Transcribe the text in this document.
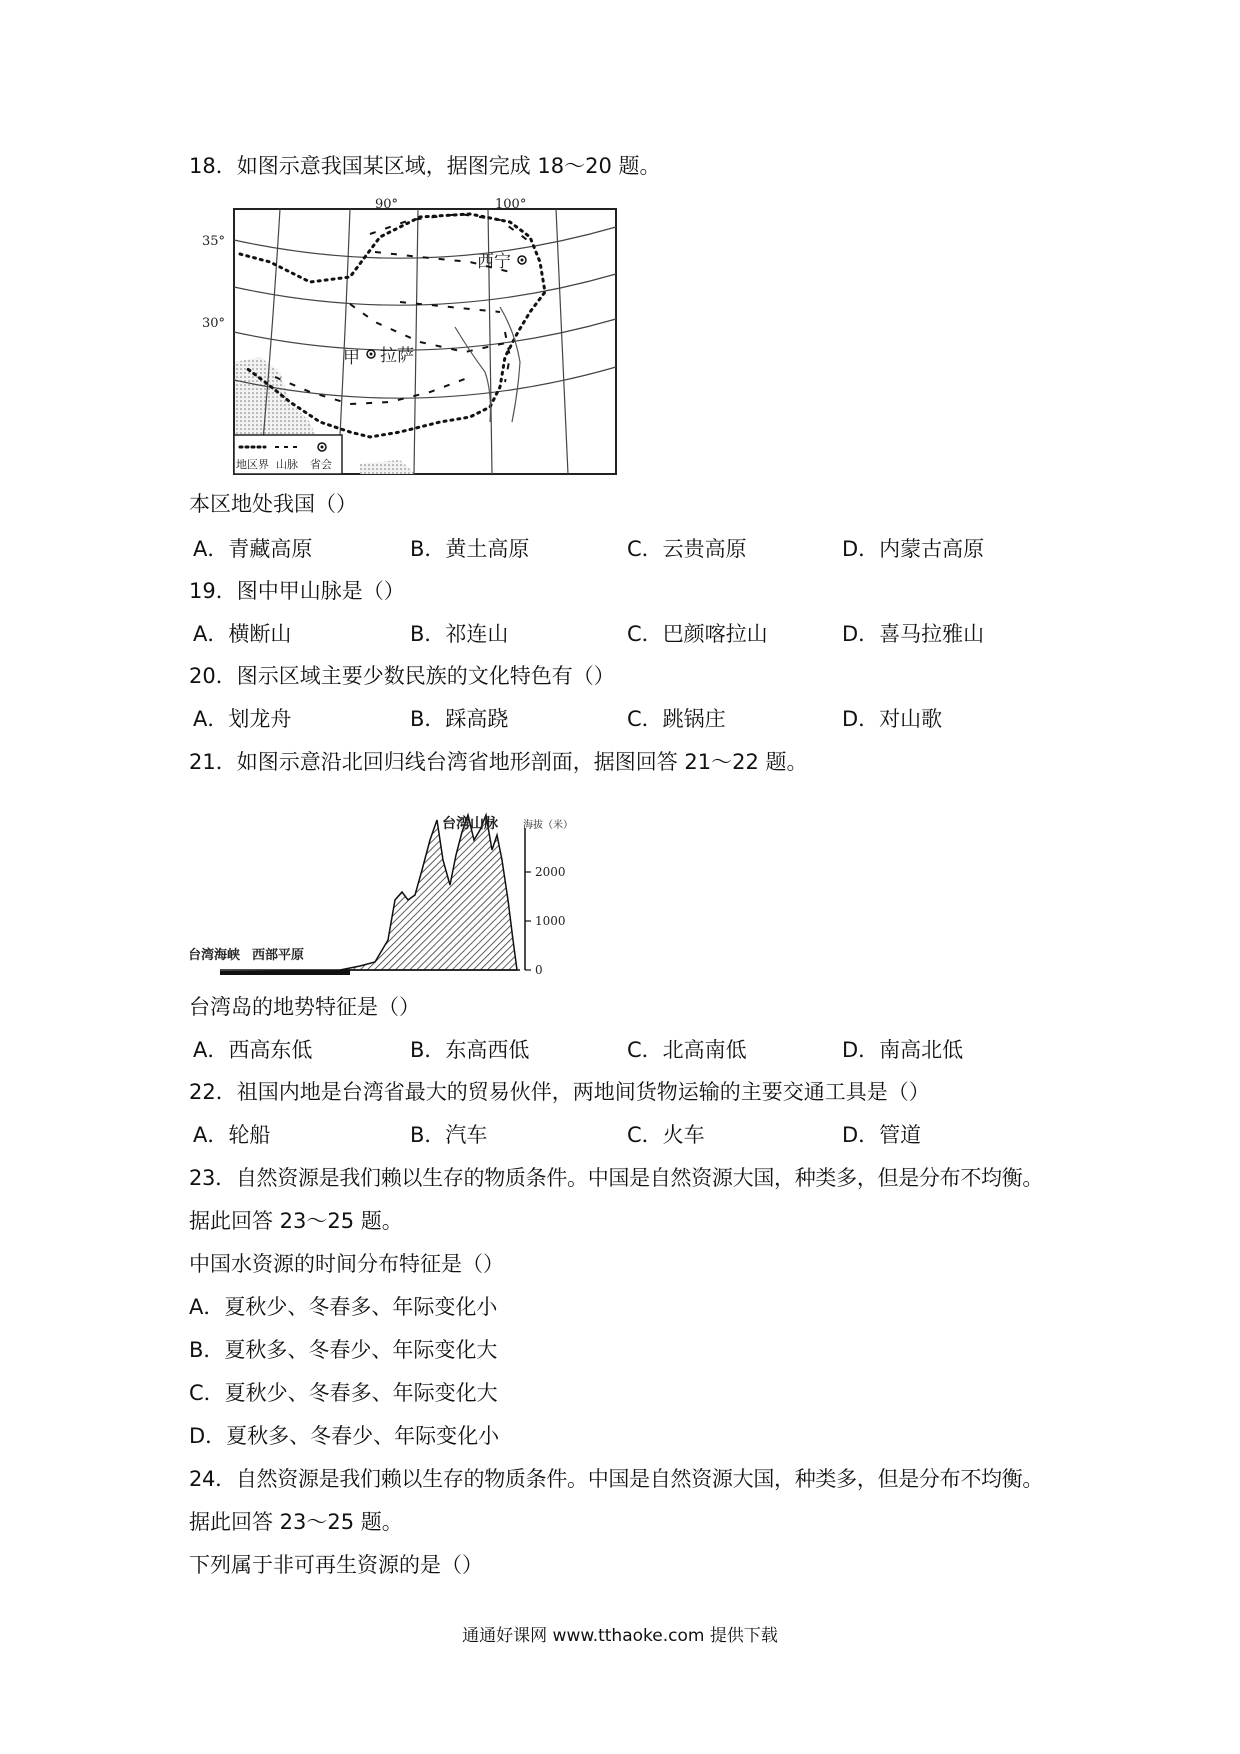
18．如图示意我国某区域，据图完成 18～20 题。
90°	100°
35°
30°
西宁
甲 拉萨
地区界 山脉 省会
本区地处我国（）
A．青藏高原	B．黄土高原	C．云贵高原	D．内蒙古高原
19．图中甲山脉是（）
A．横断山	B．祁连山	C．巴颜喀拉山	D．喜马拉雅山
20．图示区域主要少数民族的文化特色有（）
A．划龙舟	B．踩高跷	C．跳锅庄	D．对山歌
21．如图示意沿北回归线台湾省地形剖面，据图回答 21～22 题。
2000
1000
0
海拔（米）
台湾山脉
台湾海峡 西部平原
台湾岛的地势特征是（）
A．西高东低	B．东高西低	C．北高南低	D．南高北低
22．祖国内地是台湾省最大的贸易伙伴，两地间货物运输的主要交通工具是（）
A．轮船	B．汽车	C．火车	D．管道
23．自然资源是我们赖以生存的物质条件。中国是自然资源大国，种类多，但是分布不均衡。
据此回答 23～25 题。
中国水资源的时间分布特征是（）
A．夏秋少、冬春多、年际变化小
B．夏秋多、冬春少、年际变化大
C．夏秋少、冬春多、年际变化大
D．夏秋多、冬春少、年际变化小
24．自然资源是我们赖以生存的物质条件。中国是自然资源大国，种类多，但是分布不均衡。
据此回答 23～25 题。
下列属于非可再生资源的是（）
通通好课网 www.tthaoke.com 提供下载
